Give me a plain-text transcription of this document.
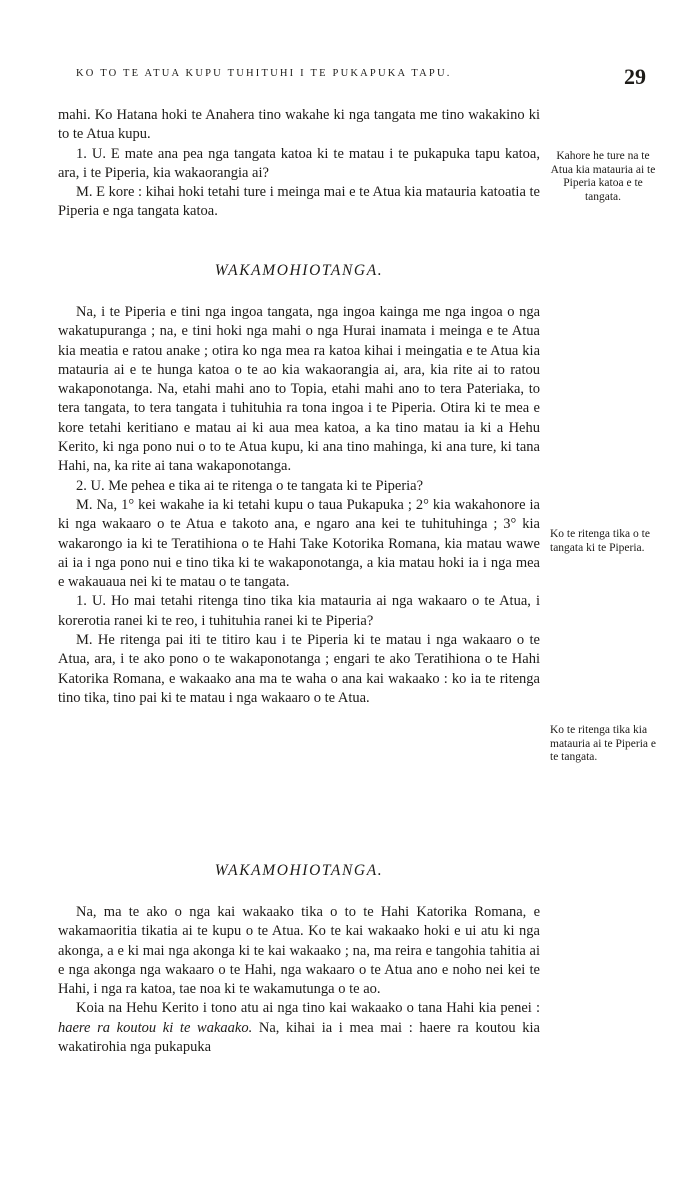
KO TO TE ATUA KUPU TUHITUHI I TE PUKAPUKA TAPU.	29

mahi. Ko Hatana hoki te Anahera tino wakahe ki nga tangata me tino wakakino ki to te Atua kupu.

1. U. E mate ana pea nga tangata katoa ki te matau i te pukapuka tapu katoa, ara, i te Piperia, kia wakaorangia ai?

M. E kore : kihai hoki tetahi ture i meinga mai e te Atua kia matauria katoatia te Piperia e nga tangata katoa.

Kahore he ture na te Atua kia matauria ai te Piperia katoa e te tangata.
WAKAMOHIOTANGA.

Na, i te Piperia e tini nga ingoa tangata, nga ingoa kainga me nga ingoa o nga wakatupuranga ; na, e tini hoki nga mahi o nga Hurai inamata i meinga e te Atua kia meatia e ratou anake ; otira ko nga mea ra katoa kihai i meingatia e te Atua kia matauria ai e te hunga katoa o te ao kia wakaorangia ai, ara, kia rite ai to ratou wakaponotanga. Na, etahi mahi ano to Topia, etahi mahi ano to tera Pateriaka, to tera tangata, to tera tangata i tuhituhia ra tona ingoa i te Piperia. Otira ki te mea e kore tetahi keritiano e matau ai ki aua mea katoa, a ka tino matau ia ki a Hehu Kerito, ki nga pono nui o to te Atua kupu, ki ana tino mahinga, ki ana ture, ki tana Hahi, na, ka rite ai tana wakaponotanga.

2. U. Me pehea e tika ai te ritenga o te tangata ki te Piperia?

M. Na, 1° kei wakahe ia ki tetahi kupu o taua Pukapuka ; 2° kia wakahonore ia ki nga wakaaro o te Atua e takoto ana, e ngaro ana kei te tuhituhinga ; 3° kia wakarongo ia ki te Teratihiona o te Hahi Take Kotorika Romana, kia matau wawe ai ia i nga pono nui e tino tika ki te wakaponotanga, a kia matau hoki ia i nga mea e wakauaua nei ki te matau o te tangata.

1. U. Ho mai tetahi ritenga tino tika kia matauria ai nga wakaaro o te Atua, i korerotia ranei ki te reo, i tuhituhia ranei ki te Piperia?

M. He ritenga pai iti te titiro kau i te Piperia ki te matau i nga wakaaro o te Atua, ara, i te ako pono o te wakaponotanga ; engari te ako Teratihiona o te Hahi Katorika Romana, e wakaako ana ma te waha o ana kai wakaako : ko ia te ritenga tino tika, tino pai ki te matau i nga wakaaro o te Atua.

Ko te ritenga tika o te tangata ki te Piperia.
Ko te ritenga tika kia matauria ai te Piperia e te tangata.
WAKAMOHIOTANGA.

Na, ma te ako o nga kai wakaako tika o to te Hahi Katorika Romana, e wakamaoritia tikatia ai te kupu o te Atua. Ko te kai wakaako hoki e ui atu ki nga akonga, a e ki mai nga akonga ki te kai wakaako ; na, ma reira e tangohia tahitia ai e nga akonga nga wakaaro o te Hahi, nga wakaaro o te Atua ano e noho nei kei te Hahi, i nga ra katoa, tae noa ki te wakamutunga o te ao.

Koia na Hehu Kerito i tono atu ai nga tino kai wakaako o tana Hahi kia penei : haere ra koutou ki te wakaako. Na, kihai ia i mea mai : haere ra koutou kia wakatirohia nga pukapuka
